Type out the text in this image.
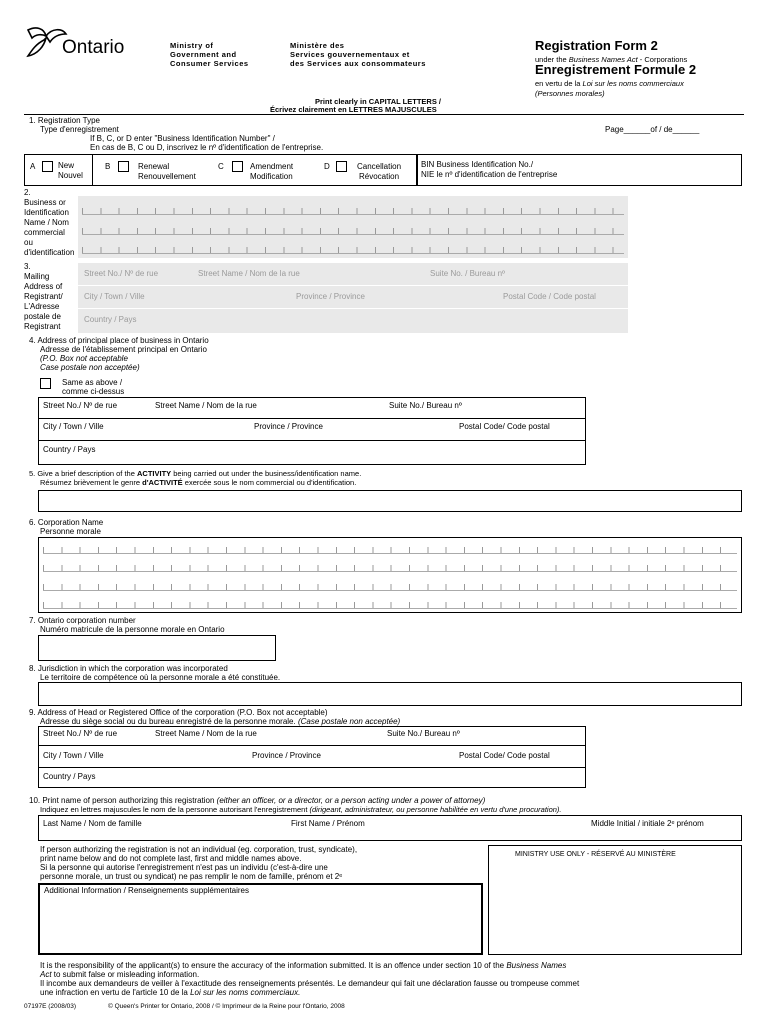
Ontario	Ministry of
Government and
Consumer Services
Ministère des
Services gouvernementaux et
des Services aux consommateurs
Registration Form 2
under the Business Names Act - Corporations
Enregistrement Formule 2
en vertu de la Loi sur les noms commerciaux
(Personnes morales)
Print clearly in CAPITAL LETTERS /
Écrivez clairement en LETTRES MAJUSCULES
1. Registration Type
Type d'enregistrement
If B, C, or D enter "Business Identification Number" /
En cas de B, C ou D, inscrivez le nº d'identification de l'entreprise.
Page______of / de______
A	New
Nouvel
B	Renewal
Renouvellement
C	Amendment
Modification
D	Cancellation
Révocation
BIN Business Identification No./
NIE le nº d'identification de l'entreprise
2.
Business or
Identification
Name / Nom
commercial
ou
d'identification
3.
Mailing
Address of
Registrant/
L'Adresse
postale de
Registrant
Street No./ Nº de rue	Street Name / Nom de la rue	Suite No. / Bureau nº
City / Town / Ville	Province / Province	Postal Code / Code postal
Country / Pays
4. Address of principal place of business in Ontario
Adresse de l'établissement principal en Ontario
(P.O. Box not acceptable
Case postale non acceptée)
Same as above /
comme ci-dessus
Street No./ Nº de rue	Street Name / Nom de la rue	Suite No./ Bureau nº
City / Town / Ville	Province / Province	Postal Code/ Code postal
Country / Pays
5. Give a brief description of the ACTIVITY being carried out under the business/identification name.
Résumez brièvement le genre d'ACTIVITÉ exercée sous le nom commercial ou d'identification.
6. Corporation Name
Personne morale
7. Ontario corporation number
Numéro matricule de la personne morale en Ontario
8. Jurisdiction in which the corporation was incorporated
Le territoire de compétence où la personne morale a été constituée.
9. Address of Head or Registered Office of the corporation (P.O. Box not acceptable)
Adresse du siège social ou du bureau enregistré de la personne morale. (Case postale non acceptée)
Street No./ Nº de rue	Street Name / Nom de la rue	Suite No./ Bureau nº
City / Town / Ville	Province / Province	Postal Code/ Code postal
Country / Pays
10. Print name of person authorizing this registration (either an officer, or a director, or a person acting under a power of attorney)
Indiquez en lettres majuscules le nom de la personne autorisant l'enregistrement (dirigeant, administrateur, ou personne habilitée en vertu d'une procuration).
Last Name / Nom de famille	First Name / Prénom	Middle Initial / initiale 2ᵉ prénom
If person authorizing the registration is not an individual (eg. corporation, trust, syndicate),
print name below and do not complete last, first and middle names above.
Si la personne qui autorise l'enregistrement n'est pas un individu (c'est-à-dire une
personne morale, un trust ou syndicat) ne pas remplir le nom de famille, prénom et 2ᵉ
Additional Information / Renseignements supplémentaires
MINISTRY USE ONLY - RÉSERVÉ AU MINISTÈRE
It is the responsibility of the applicant(s) to ensure the accuracy of the information submitted. It is an offence under section 10 of the Business Names
Act to submit false or misleading information.
Il incombe aux demandeurs de veiller à l'exactitude des renseignements présentés. Le demandeur qui fait une déclaration fausse ou trompeuse commet
une infraction en vertu de l'article 10 de la Loi sur les noms commerciaux.
07197E (2008/03)	© Queen's Printer for Ontario, 2008 / © Imprimeur de la Reine pour l'Ontario, 2008
